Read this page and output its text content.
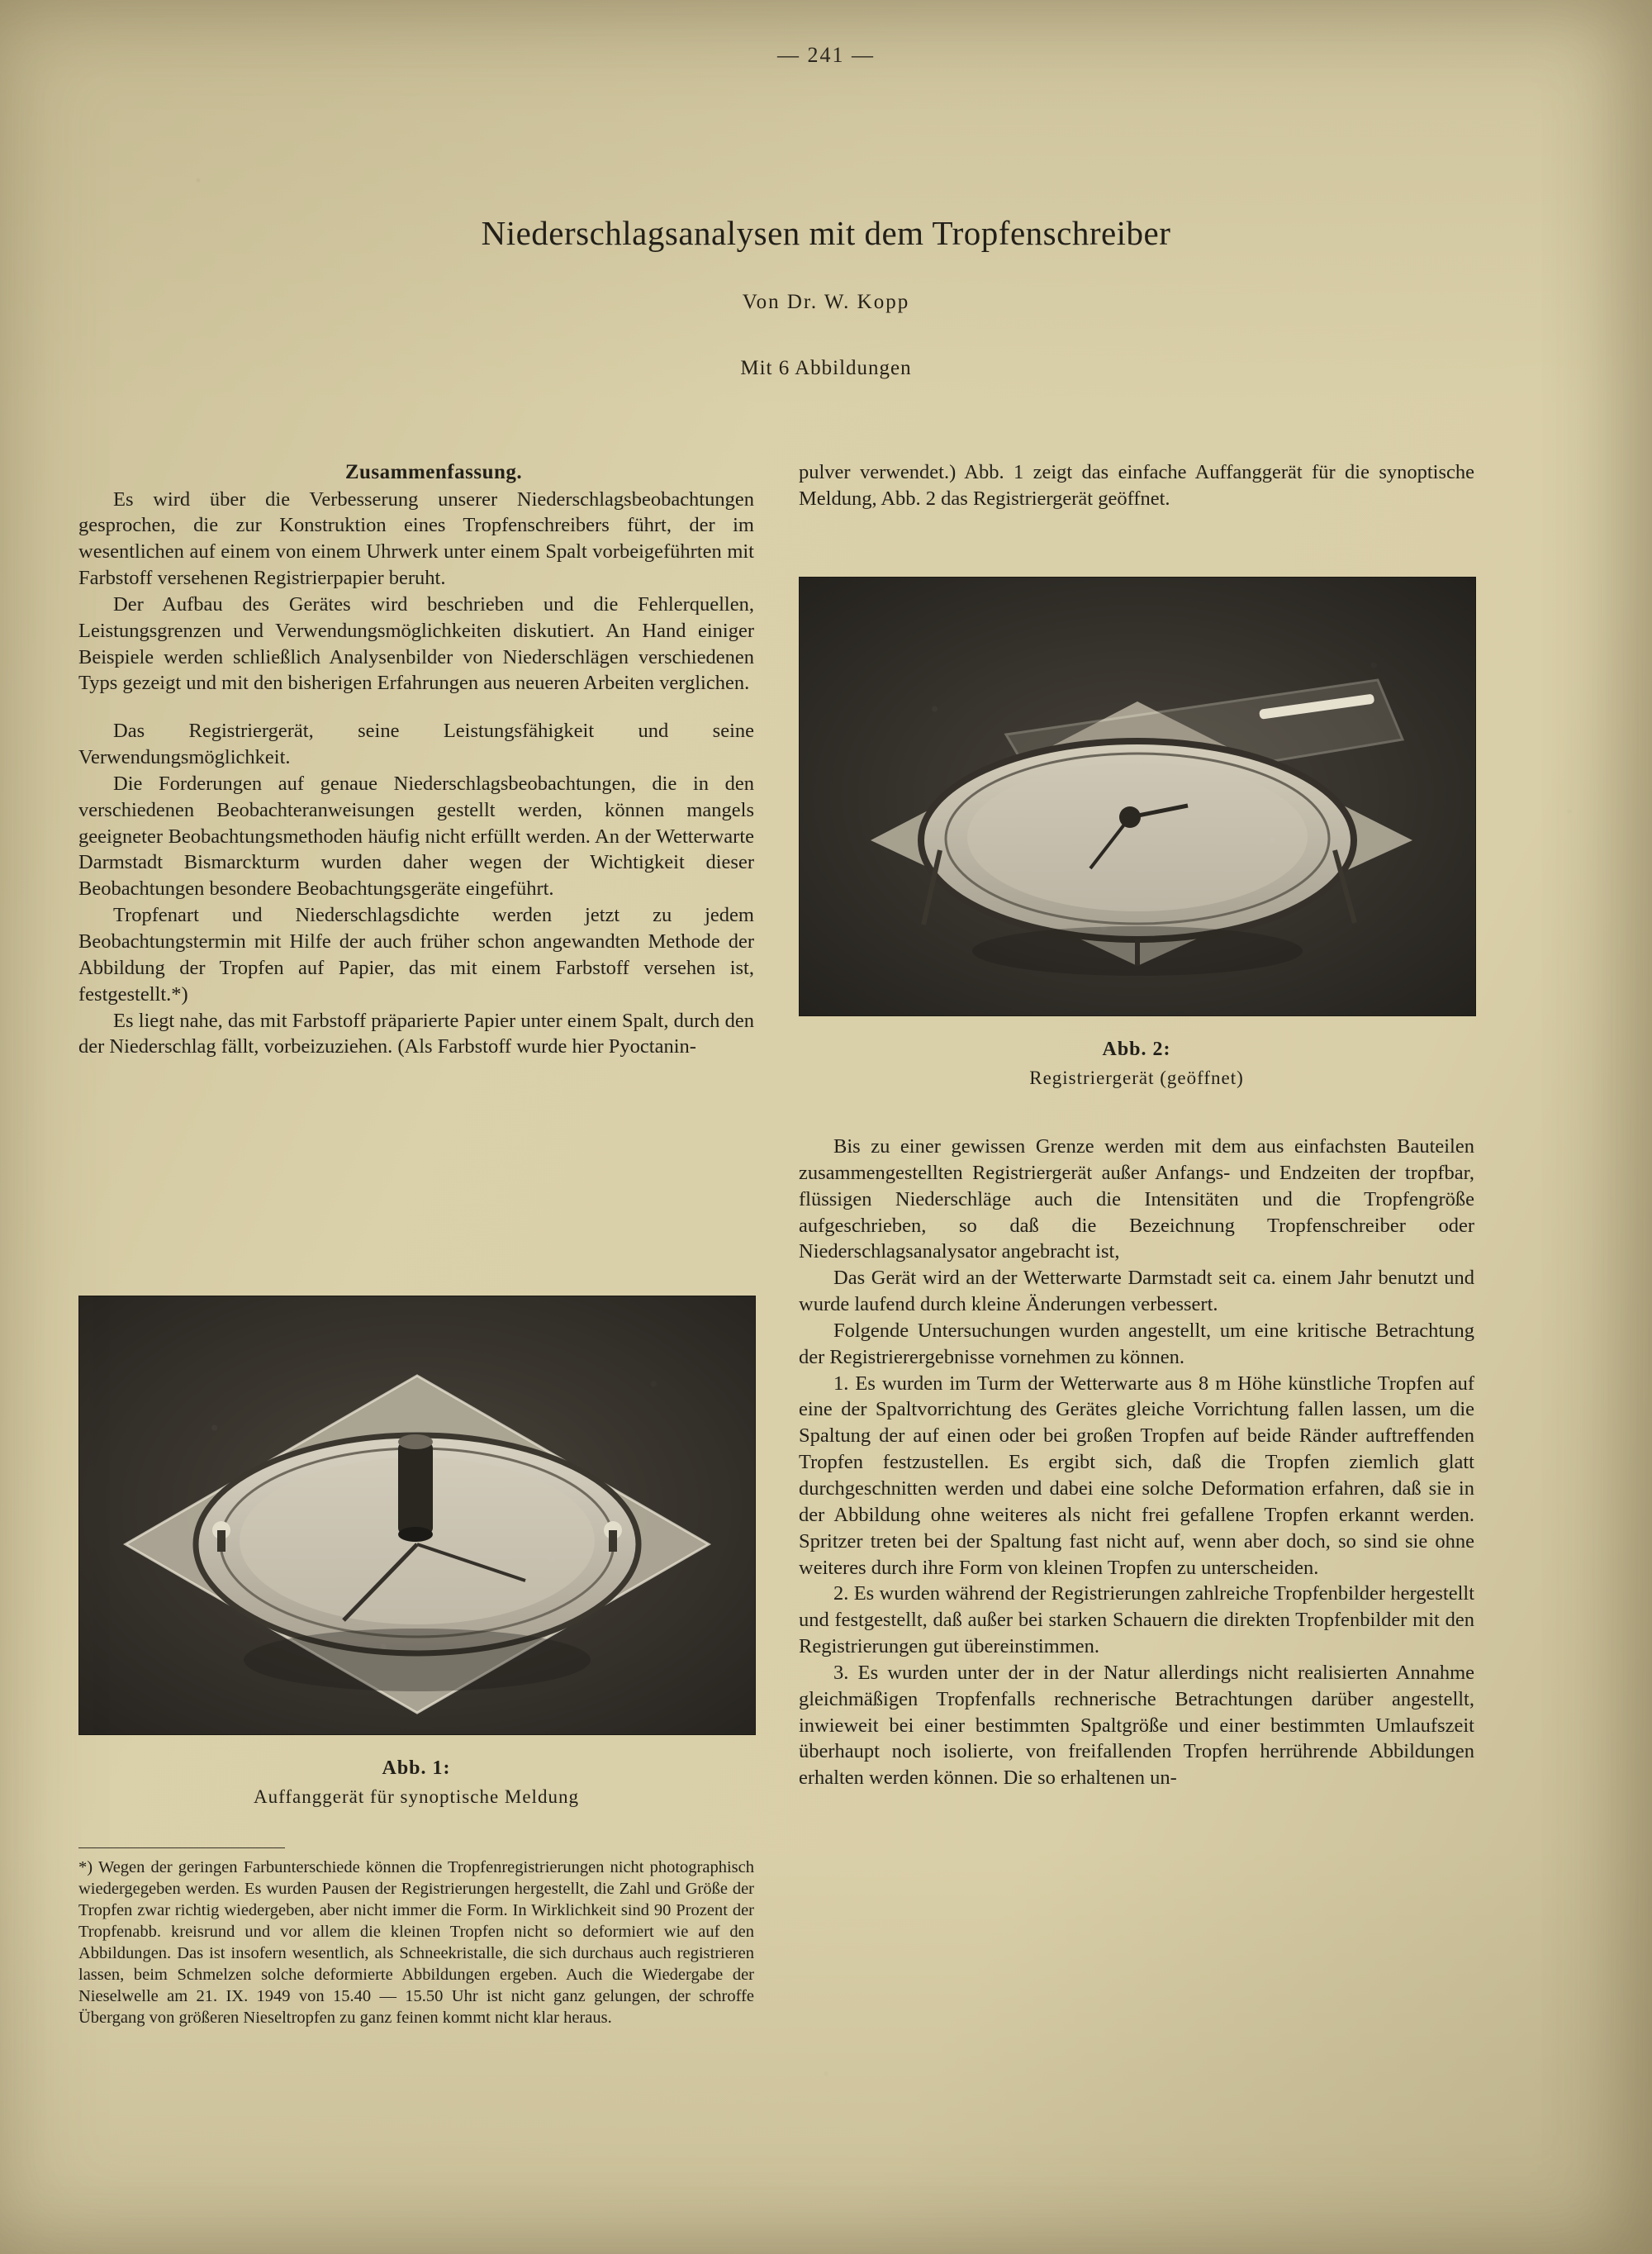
— 241 —
Niederschlagsanalysen mit dem Tropfenschreiber
Von Dr. W. Kopp
Mit 6 Abbildungen

Zusammenfassung.

Es wird über die Verbesserung unserer Niederschlagsbeobachtungen gesprochen, die zur Konstruktion eines Tropfenschreibers führt, der im wesentlichen auf einem von einem Uhrwerk unter einem Spalt vorbeigeführten mit Farbstoff versehenen Registrierpapier beruht.

Der Aufbau des Gerätes wird beschrieben und die Fehlerquellen, Leistungsgrenzen und Verwendungsmöglichkeiten diskutiert. An Hand einiger Beispiele werden schließlich Analysenbilder von Niederschlägen verschiedenen Typs gezeigt und mit den bisherigen Erfahrungen aus neueren Arbeiten verglichen.

Das Registriergerät, seine Leistungsfähigkeit und seine Verwendungsmöglichkeit.

Die Forderungen auf genaue Niederschlagsbeobachtungen, die in den verschiedenen Beobachteranweisungen gestellt werden, können mangels geeigneter Beobachtungsmethoden häufig nicht erfüllt werden. An der Wetterwarte Darmstadt Bismarckturm wurden daher wegen der Wichtigkeit dieser Beobachtungen besondere Beobachtungsgeräte eingeführt.

Tropfenart und Niederschlagsdichte werden jetzt zu jedem Beobachtungstermin mit Hilfe der auch früher schon angewandten Methode der Abbildung der Tropfen auf Papier, das mit einem Farbstoff versehen ist, festgestellt.*)

Es liegt nahe, das mit Farbstoff präparierte Papier unter einem Spalt, durch den der Niederschlag fällt, vorbeizuziehen. (Als Farbstoff wurde hier Pyoctanin-

Abb. 1:
Auffanggerät für synoptische Meldung
*) Wegen der geringen Farbunterschiede können die Tropfenregistrierungen nicht photographisch wiedergegeben werden. Es wurden Pausen der Registrierungen hergestellt, die Zahl und Größe der Tropfen zwar richtig wiedergeben, aber nicht immer die Form. In Wirklichkeit sind 90 Prozent der Tropfenabb. kreisrund und vor allem die kleinen Tropfen nicht so deformiert wie auf den Abbildungen. Das ist insofern wesentlich, als Schneekristalle, die sich durchaus auch registrieren lassen, beim Schmelzen solche deformierte Abbildungen ergeben. Auch die Wiedergabe der Nieselwelle am 21. IX. 1949 von 15.40 — 15.50 Uhr ist nicht ganz gelungen, der schroffe Übergang von größeren Nieseltropfen zu ganz feinen kommt nicht klar heraus.

pulver verwendet.) Abb. 1 zeigt das einfache Auffanggerät für die synoptische Meldung, Abb. 2 das Registriergerät geöffnet.

Abb. 2:
Registriergerät (geöffnet)

Bis zu einer gewissen Grenze werden mit dem aus einfachsten Bauteilen zusammengestellten Registriergerät außer Anfangs- und Endzeiten der tropfbar, flüssigen Niederschläge auch die Intensitäten und die Tropfengröße aufgeschrieben, so daß die Bezeichnung Tropfenschreiber oder Niederschlagsanalysator angebracht ist,

Das Gerät wird an der Wetterwarte Darmstadt seit ca. einem Jahr benutzt und wurde laufend durch kleine Änderungen verbessert.

Folgende Untersuchungen wurden angestellt, um eine kritische Betrachtung der Registrierergebnisse vornehmen zu können.

1. Es wurden im Turm der Wetterwarte aus 8 m Höhe künstliche Tropfen auf eine der Spaltvorrichtung des Gerätes gleiche Vorrichtung fallen lassen, um die Spaltung der auf einen oder bei großen Tropfen auf beide Ränder auftreffenden Tropfen festzustellen. Es ergibt sich, daß die Tropfen ziemlich glatt durchgeschnitten werden und dabei eine solche Deformation erfahren, daß sie in der Abbildung ohne weiteres als nicht frei gefallene Tropfen erkannt werden. Spritzer treten bei der Spaltung fast nicht auf, wenn aber doch, so sind sie ohne weiteres durch ihre Form von kleinen Tropfen zu unterscheiden.

2. Es wurden während der Registrierungen zahlreiche Tropfenbilder hergestellt und festgestellt, daß außer bei starken Schauern die direkten Tropfenbilder mit den Registrierungen gut übereinstimmen.

3. Es wurden unter der in der Natur allerdings nicht realisierten Annahme gleichmäßigen Tropfenfalls rechnerische Betrachtungen darüber angestellt, inwieweit bei einer bestimmten Spaltgröße und einer bestimmten Umlaufszeit überhaupt noch isolierte, von freifallenden Tropfen herrührende Abbildungen erhalten werden können. Die so erhaltenen un-
